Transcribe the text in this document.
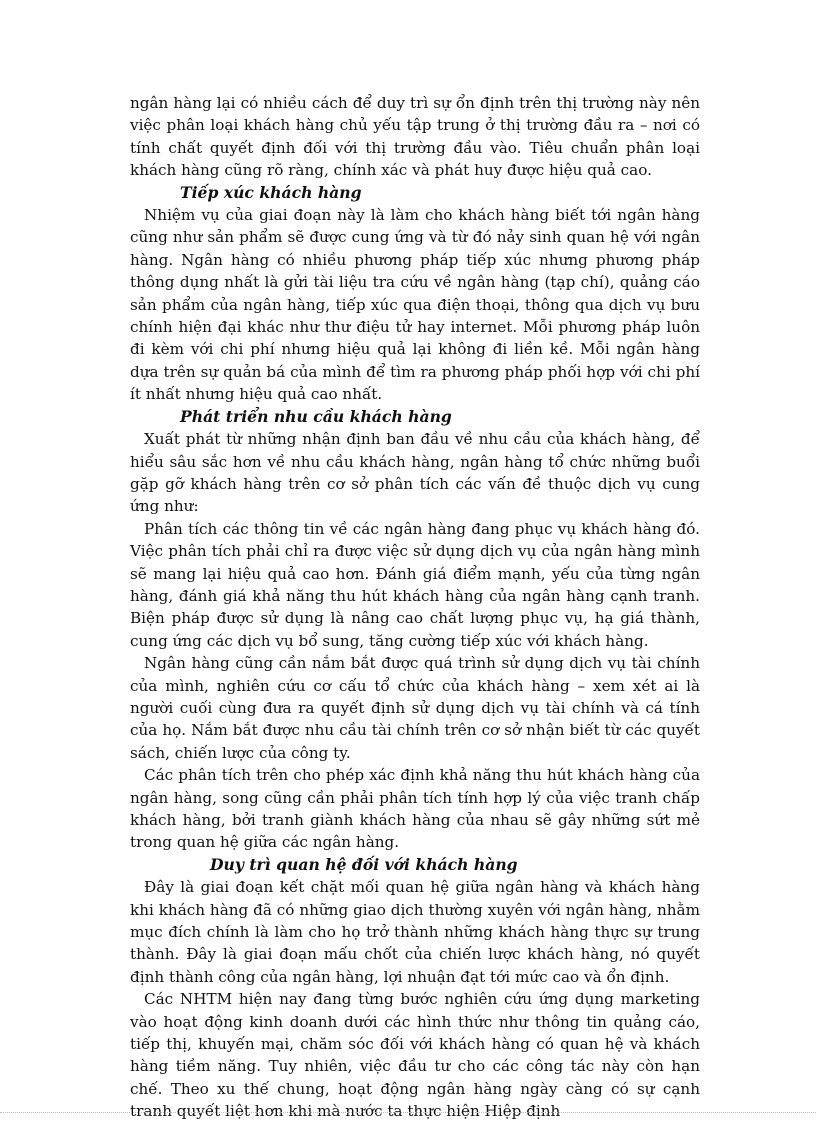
ngân hàng lại có nhiều cách để duy trì sự ổn định trên thị trường này nên việc phân loại khách hàng chủ yếu tập trung ở thị trường đầu ra – nơi có tính chất quyết định đối với thị trường đầu vào. Tiêu chuẩn phân loại khách hàng cũng rõ ràng, chính xác và phát huy được hiệu quả cao.

Tiếp xúc khách hàng

Nhiệm vụ của giai đoạn này là làm cho khách hàng biết tới ngân hàng cũng như sản phẩm sẽ được cung ứng và từ đó nảy sinh quan hệ với ngân hàng. Ngân hàng có nhiều phương pháp tiếp xúc nhưng phương pháp thông dụng nhất là gửi tài liệu tra cứu về ngân hàng (tạp chí), quảng cáo sản phẩm của ngân hàng, tiếp xúc qua điện thoại, thông qua dịch vụ bưu chính hiện đại khác như thư điệu tử hay internet. Mỗi phương pháp luôn đi kèm với chi phí nhưng hiệu quả lại không đi liền kề. Mỗi ngân hàng dựa trên sự quản bá của mình để tìm ra phương pháp phối hợp với chi phí ít nhất nhưng hiệu quả cao nhất.

Phát triển nhu cầu khách hàng

Xuất phát từ những nhận định ban đầu về nhu cầu của khách hàng, để hiểu sâu sắc hơn về nhu cầu khách hàng, ngân hàng tổ chức những buổi gặp gỡ khách hàng trên cơ sở phân tích các vấn đề thuộc dịch vụ cung ứng như:

Phân tích các thông tin về các ngân hàng đang phục vụ khách hàng đó. Việc phân tích phải chỉ ra được việc sử dụng dịch vụ của ngân hàng mình sẽ mang lại hiệu quả cao hơn. Đánh giá điểm mạnh, yếu của từng ngân hàng, đánh giá khả năng thu hút khách hàng của ngân hàng cạnh tranh. Biện pháp được sử dụng là nâng cao chất lượng phục vụ, hạ giá thành, cung ứng các dịch vụ bổ sung, tăng cường tiếp xúc với khách hàng.

Ngân hàng cũng cần nắm bắt được quá trình sử dụng dịch vụ tài chính của mình, nghiên cứu cơ cấu tổ chức của khách hàng – xem xét ai là người cuối cùng đưa ra quyết định sử dụng dịch vụ tài chính và cá tính của họ. Nắm bắt được nhu cầu tài chính trên cơ sở nhận biết từ các quyết sách, chiến lược của công ty.

Các phân tích trên cho phép xác định khả năng thu hút khách hàng của ngân hàng, song cũng cần phải phân tích tính hợp lý của việc tranh chấp khách hàng, bởi tranh giành khách hàng của nhau sẽ gây những sứt mẻ trong quan hệ giữa các ngân hàng.

Duy trì quan hệ đối với khách hàng

Đây là giai đoạn kết chặt mối quan hệ giữa ngân hàng và khách hàng khi khách hàng đã có những giao dịch thường xuyên với ngân hàng, nhằm mục đích chính là làm cho họ trở thành những khách hàng thực sự trung thành. Đây là giai đoạn mấu chốt của chiến lược khách hàng, nó quyết định thành công của ngân hàng, lợi nhuận đạt tới mức cao và ổn định.

Các NHTM hiện nay đang từng bước nghiên cứu ứng dụng marketing vào hoạt động kinh doanh dưới các hình thức như thông tin quảng cáo, tiếp thị, khuyến mại, chăm sóc đối với khách hàng có quan hệ và khách hàng tiềm năng. Tuy nhiên, việc đầu tư cho các công tác này còn hạn chế. Theo xu thế chung, hoạt động ngân hàng ngày càng có sự cạnh tranh quyết liệt hơn khi mà nước ta thực hiện Hiệp định
